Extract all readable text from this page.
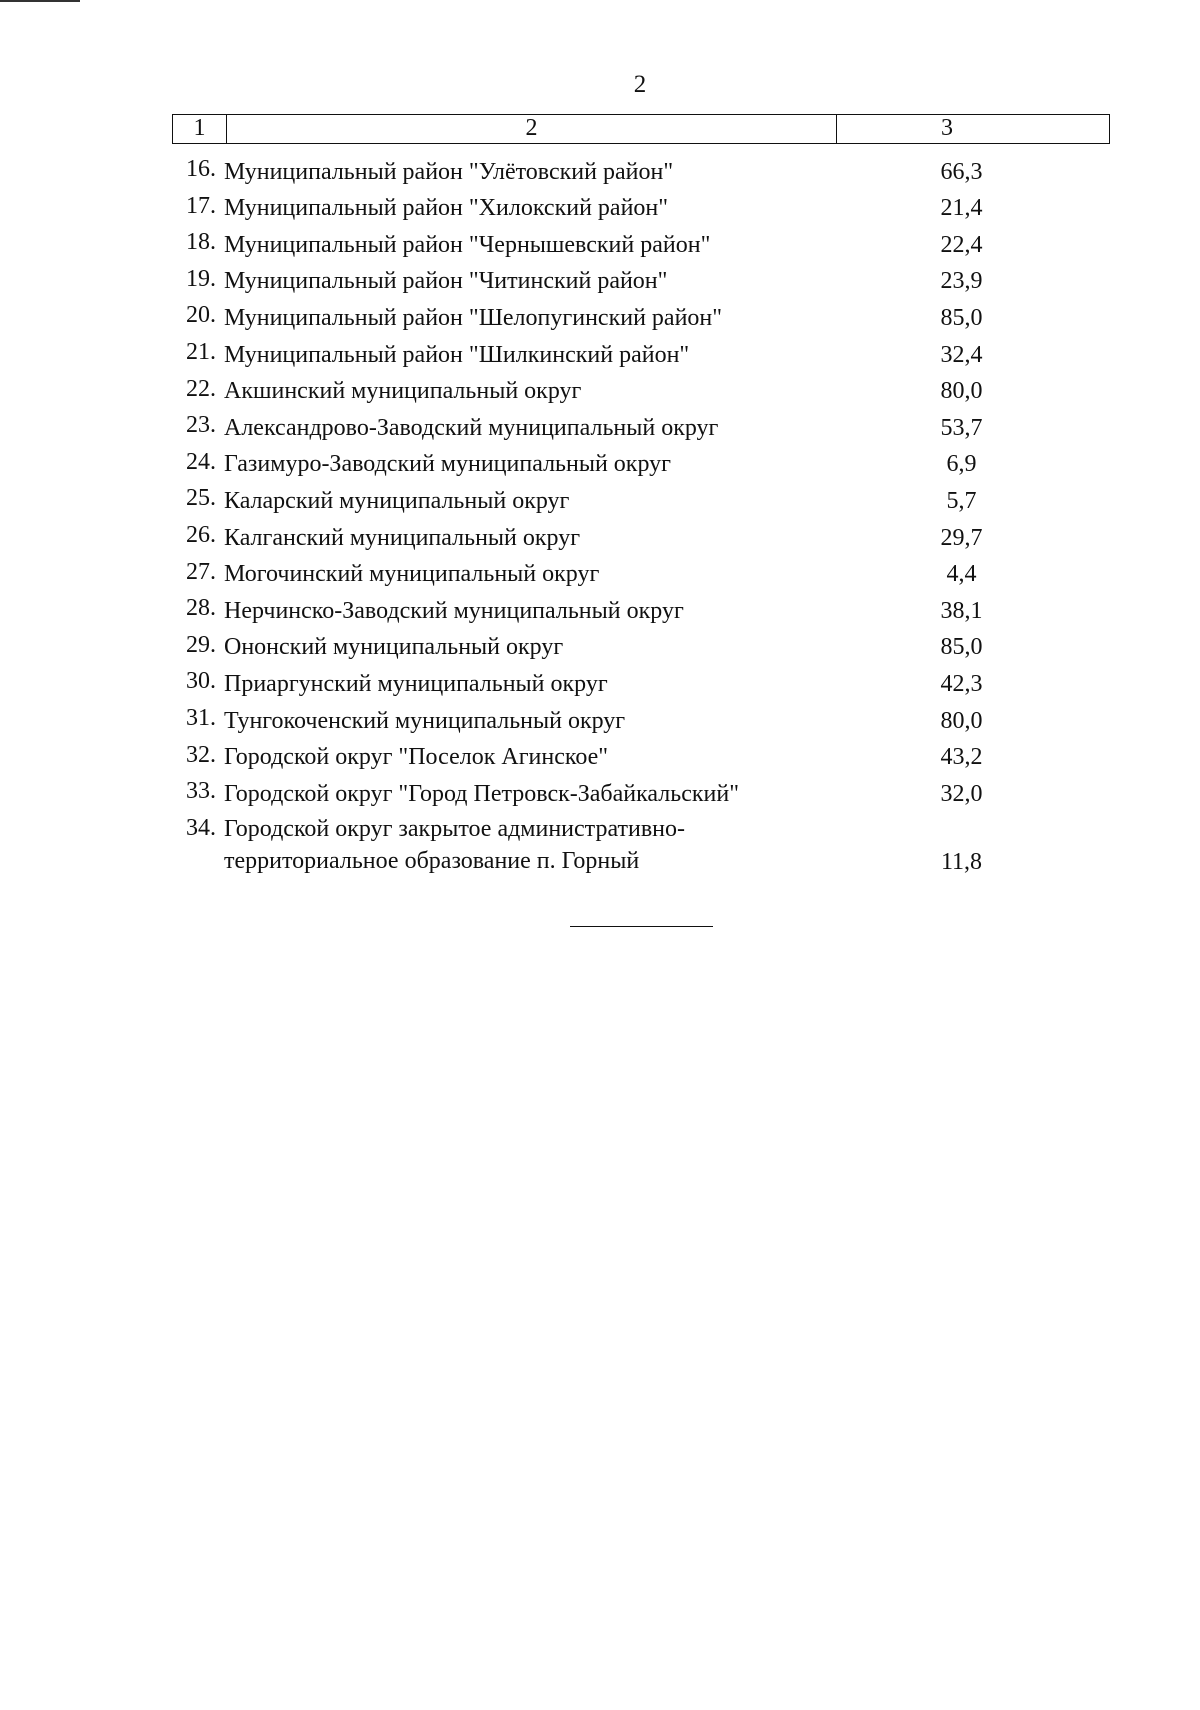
2
1	2	3
16. Муниципальный район "Улётовский район"	66,3
17. Муниципальный район "Хилокский район"	21,4
18. Муниципальный район "Чернышевский район"	22,4
19. Муниципальный район "Читинский район"	23,9
20. Муниципальный район "Шелопугинский район"	85,0
21. Муниципальный район "Шилкинский район"	32,4
22. Акшинский муниципальный округ	80,0
23. Александрово-Заводский муниципальный округ	53,7
24. Газимуро-Заводский муниципальный округ	6,9
25. Каларский муниципальный округ	5,7
26. Калганский муниципальный округ	29,7
27. Могочинский муниципальный округ	4,4
28. Нерчинско-Заводский муниципальный округ	38,1
29. Ононский муниципальный округ	85,0
30. Приаргунский муниципальный округ	42,3
31. Тунгокоченский муниципальный округ	80,0
32. Городской округ "Поселок Агинское"	43,2
33. Городской округ "Город Петровск-Забайкальский"	32,0
34. Городской округ закрытое административно-
территориальное образование п. Горный	11,8
